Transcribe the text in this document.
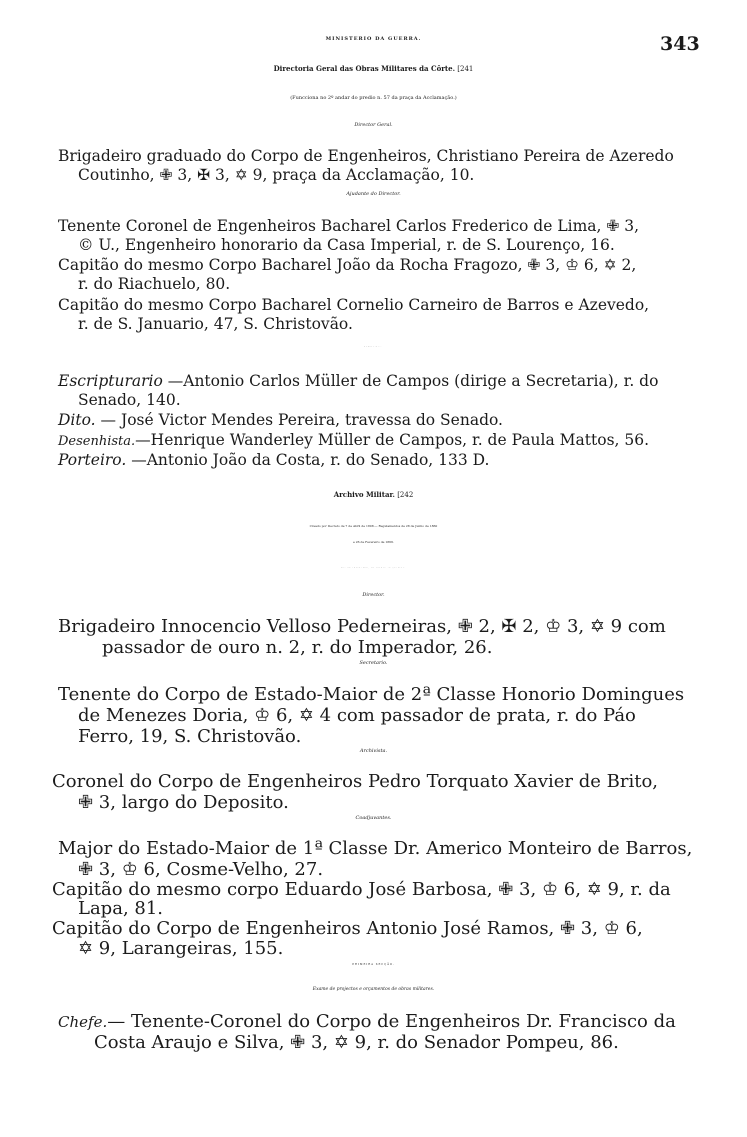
MINISTERIO DA GUERRA.	343

Directoria Geral das Obras Militares da Côrte. [241

(Funcciona no 2º andar do predio n. 57 da praça da Acclamação.)

Director Geral.

Brigadeiro graduado do Corpo de Engenheiros, Christiano Pereira de Azeredo

Coutinho, ✙ 3, ✠ 3, ✡ 9, praça da Acclamação, 10.

Ajudante do Director.

Tenente Coronel de Engenheiros Bacharel Carlos Frederico de Lima, ✙ 3,

© U., Engenheiro honorario da Casa Imperial, r. de S. Lourenço, 16.

Capitão do mesmo Corpo Bacharel João da Rocha Fragozo, ✙ 3, ♔ 6, ✡ 2,

r. do Riachuelo, 80.

Capitão do mesmo Corpo Bacharel Cornelio Carneiro de Barros e Azevedo,

r. de S. Januario, 47, S. Christovão.

SECRETARIA.

Escripturario —Antonio Carlos Müller de Campos (dirige a Secretaria), r. do

Senado, 140.

Dito. — José Victor Mendes Pereira, travessa do Senado.

Desenhista.—Henrique Wanderley Müller de Campos, r. de Paula Mattos, 56.

Porteiro. —Antonio João da Costa, r. do Senado, 133 D.

Archivo Militar. [242

Creado por Decreto de 7 de Abril de 1808.— Regulamentos de 28 de Junho de 1860

e 26 de Fevereiro de 1866.

RUA DO IMPERADOR, EM FRENTE AO QUARTEL.

Director.

Brigadeiro Innocencio Velloso Pederneiras, ✙ 2, ✠ 2, ♔ 3, ✡ 9 com

passador de ouro n. 2, r. do Imperador, 26.

Secretario.

Tenente do Corpo de Estado-Maior de 2ª Classe Honorio Domingues

de Menezes Doria, ♔ 6, ✡ 4 com passador de prata, r. do Páo

Ferro, 19, S. Christovão.

Archivista.

Coronel do Corpo de Engenheiros Pedro Torquato Xavier de Brito,

✙ 3, largo do Deposito.

Coadjuvantes.

Major do Estado-Maior de 1ª Classe Dr. Americo Monteiro de Barros,

✙ 3, ♔ 6, Cosme-Velho, 27.

Capitão do mesmo corpo Eduardo José Barbosa, ✙ 3, ♔ 6, ✡ 9, r. da

Lapa, 81.

Capitão do Corpo de Engenheiros Antonio José Ramos, ✙ 3, ♔ 6,

✡ 9, Larangeiras, 155.

PRIMEIRA SECÇÃO.

Exame de projectos e orçamentos de obras militares.

Chefe.— Tenente-Coronel do Corpo de Engenheiros Dr. Francisco da

Costa Araujo e Silva, ✙ 3, ✡ 9, r. do Senador Pompeu, 86.
